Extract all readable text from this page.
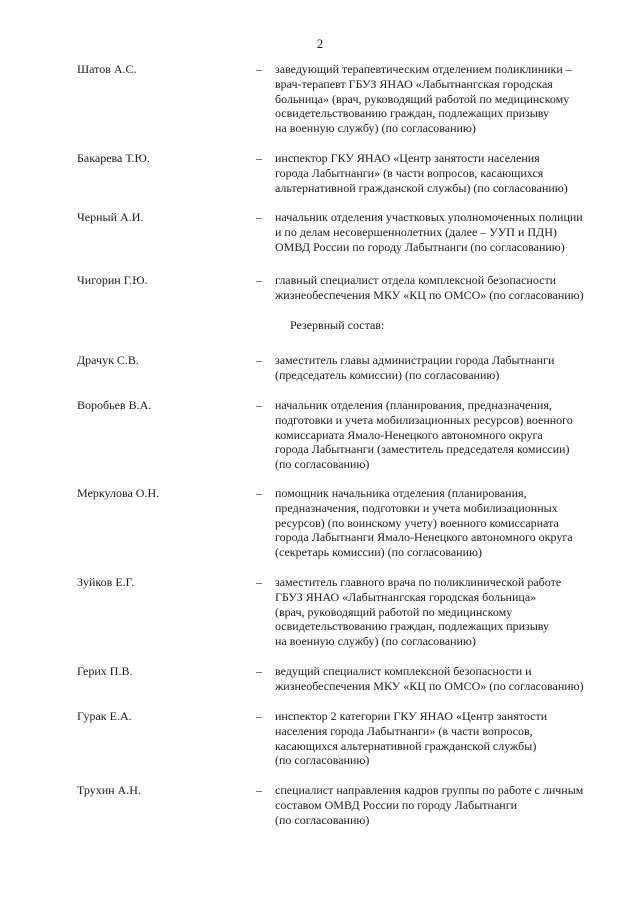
2
Шатов А.С.	– заведующий терапевтическим отделением поликлиники –
врач-терапевт ГБУЗ ЯНАО «Лабытнангская городская
больница» (врач, руководящий работой по медицинскому
освидетельствованию граждан, подлежащих призыву
на военную службу) (по согласованию)
Бакарева Т.Ю.	– инспектор ГКУ ЯНАО «Центр занятости населения
города Лабытнанги» (в части вопросов, касающихся
альтернативной гражданской службы) (по согласованию)
Черный А.И.	– начальник отделения участковых уполномоченных полиции
и по делам несовершеннолетних (далее – УУП и ПДН)
ОМВД России по городу Лабытнанги (по согласованию)
Чигорин Г.Ю.	– главный специалист отдела комплексной безопасности
жизнеобеспечения МКУ «КЦ по ОМСО» (по согласованию)
Резервный состав:
Драчук С.В.	– заместитель главы администрации города Лабытнанги
(председатель комиссии) (по согласованию)
Воробьев В.А.	– начальник отделения (планирования, предназначения,
подготовки и учета мобилизационных ресурсов) военного
комиссариата Ямало-Ненецкого автономного округа
города Лабытнанги (заместитель председателя комиссии)
(по согласованию)
Меркулова О.Н.	– помощник начальника отделения (планирования,
предназначения, подготовки и учета мобилизационных
ресурсов) (по воинскому учету) военного комиссариата
города Лабытнанги Ямало-Ненецкого автономного округа
(секретарь комиссии) (по согласованию)
Зуйков Е.Г.	– заместитель главного врача по поликлинической работе
ГБУЗ ЯНАО «Лабытнангская городская больница»
(врач, руководящий работой по медицинскому
освидетельствованию граждан, подлежащих призыву
на военную службу) (по согласованию)
Герих П.В.	– ведущий специалист комплексной безопасности и
жизнеобеспечения МКУ «КЦ по ОМСО» (по согласованию)
Гурак Е.А.	– инспектор 2 категории ГКУ ЯНАО «Центр занятости
населения города Лабытнанги» (в части вопросов,
касающихся альтернативной гражданской службы)
(по согласованию)
Трухин А.Н.	– специалист направления кадров группы по работе с личным
составом ОМВД России по городу Лабытнанги
(по согласованию)
